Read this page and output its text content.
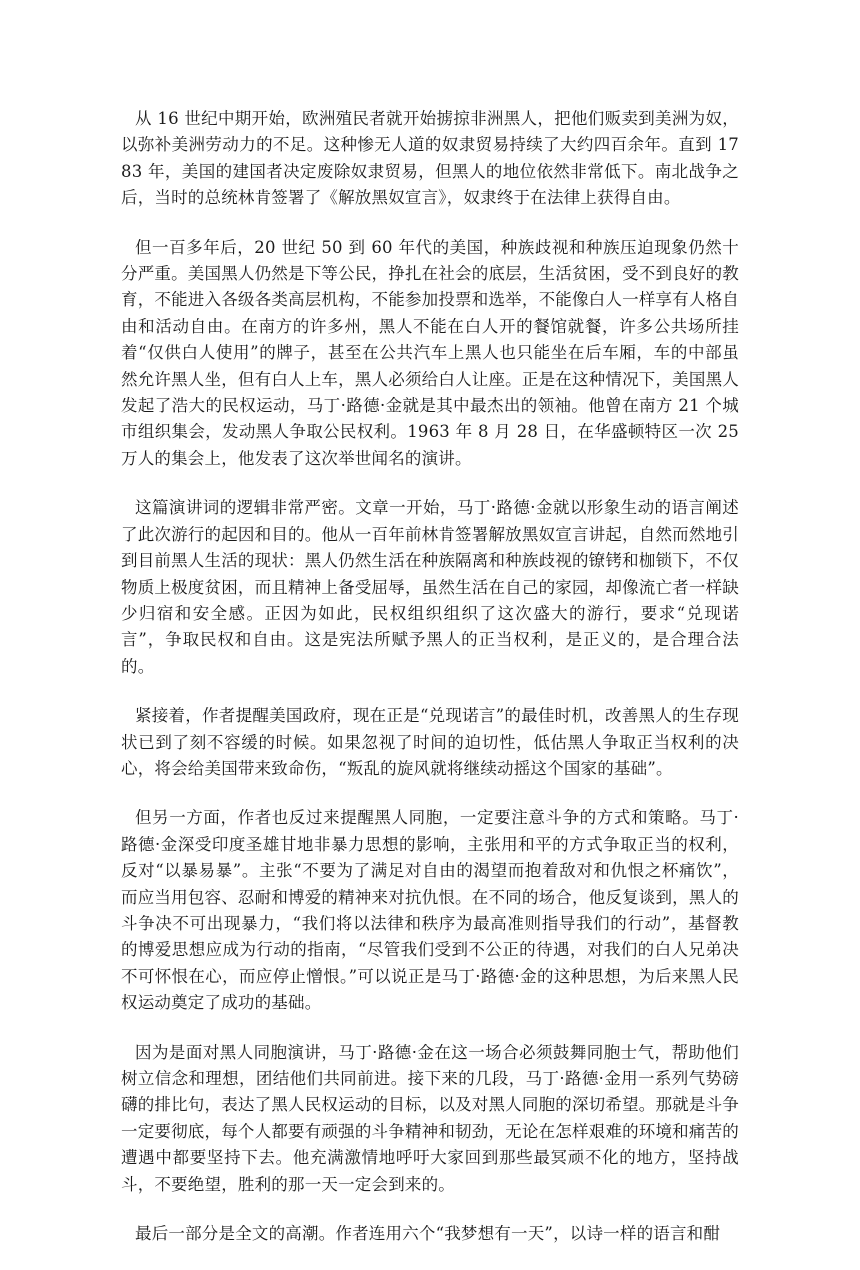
从 16 世纪中期开始，欧洲殖民者就开始掳掠非洲黑人，把他们贩卖到美洲为奴，以弥补美洲劳动力的不足。这种惨无人道的奴隶贸易持续了大约四百余年。直到 1783 年，美国的建国者决定废除奴隶贸易，但黑人的地位依然非常低下。南北战争之后，当时的总统林肯签署了《解放黑奴宣言》，奴隶终于在法律上获得自由。

但一百多年后，20 世纪 50 到 60 年代的美国，种族歧视和种族压迫现象仍然十分严重。美国黑人仍然是下等公民，挣扎在社会的底层，生活贫困，受不到良好的教育，不能进入各级各类高层机构，不能参加投票和选举，不能像白人一样享有人格自由和活动自由。在南方的许多州，黑人不能在白人开的餐馆就餐，许多公共场所挂着“仅供白人使用”的牌子，甚至在公共汽车上黑人也只能坐在后车厢，车的中部虽然允许黑人坐，但有白人上车，黑人必须给白人让座。正是在这种情况下，美国黑人发起了浩大的民权运动，马丁·路德·金就是其中最杰出的领袖。他曾在南方 21 个城市组织集会，发动黑人争取公民权利。1963 年 8 月 28 日，在华盛顿特区一次 25 万人的集会上，他发表了这次举世闻名的演讲。

这篇演讲词的逻辑非常严密。文章一开始，马丁·路德·金就以形象生动的语言阐述了此次游行的起因和目的。他从一百年前林肯签署解放黑奴宣言讲起，自然而然地引到目前黑人生活的现状：黑人仍然生活在种族隔离和种族歧视的镣铐和枷锁下，不仅物质上极度贫困，而且精神上备受屈辱，虽然生活在自己的家园，却像流亡者一样缺少归宿和安全感。正因为如此，民权组织组织了这次盛大的游行，要求“兑现诺言”，争取民权和自由。这是宪法所赋予黑人的正当权利，是正义的，是合理合法的。

紧接着，作者提醒美国政府，现在正是“兑现诺言”的最佳时机，改善黑人的生存现状已到了刻不容缓的时候。如果忽视了时间的迫切性，低估黑人争取正当权利的决心，将会给美国带来致命伤，“叛乱的旋风就将继续动摇这个国家的基础”。

但另一方面，作者也反过来提醒黑人同胞，一定要注意斗争的方式和策略。马丁·路德·金深受印度圣雄甘地非暴力思想的影响，主张用和平的方式争取正当的权利，反对“以暴易暴”。主张“不要为了满足对自由的渴望而抱着敌对和仇恨之杯痛饮”，而应当用包容、忍耐和博爱的精神来对抗仇恨。在不同的场合，他反复谈到，黑人的斗争决不可出现暴力，“我们将以法律和秩序为最高准则指导我们的行动”，基督教的博爱思想应成为行动的指南，“尽管我们受到不公正的待遇，对我们的白人兄弟决不可怀恨在心，而应停止憎恨。”可以说正是马丁·路德·金的这种思想，为后来黑人民权运动奠定了成功的基础。

因为是面对黑人同胞演讲，马丁·路德·金在这一场合必须鼓舞同胞士气，帮助他们树立信念和理想，团结他们共同前进。接下来的几段，马丁·路德·金用一系列气势磅礴的排比句，表达了黑人民权运动的目标，以及对黑人同胞的深切希望。那就是斗争一定要彻底，每个人都要有顽强的斗争精神和韧劲，无论在怎样艰难的环境和痛苦的遭遇中都要坚持下去。他充满激情地呼吁大家回到那些最冥顽不化的地方，坚持战斗，不要绝望，胜利的那一天一定会到来的。

最后一部分是全文的高潮。作者连用六个“我梦想有一天”，以诗一样的语言和酣
